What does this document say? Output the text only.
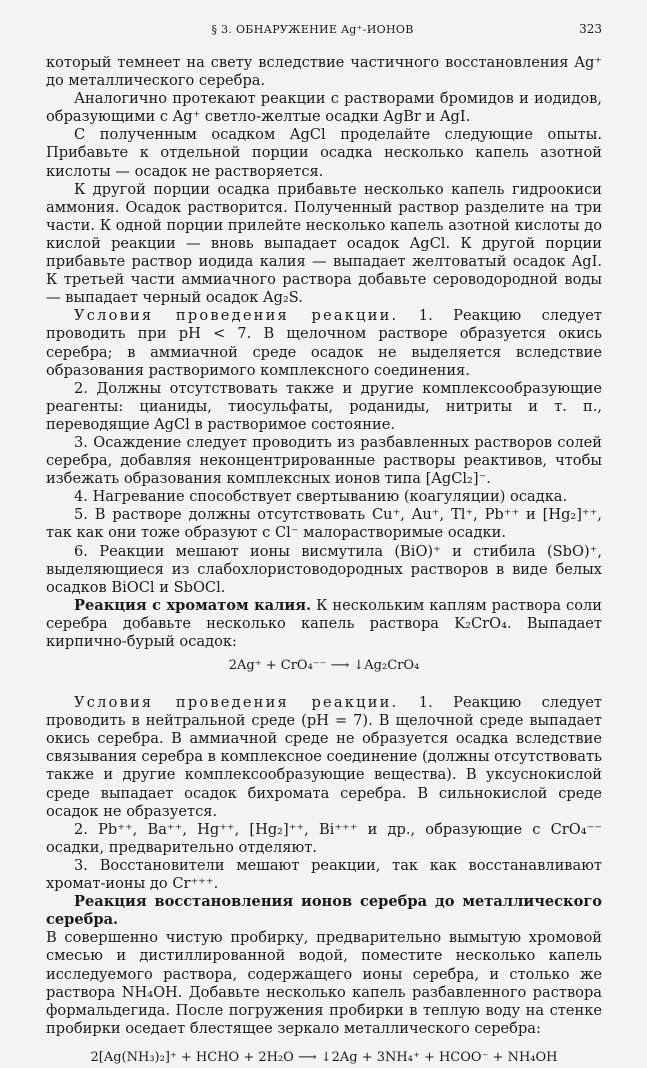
§ 3. ОБНАРУЖЕНИЕ Ag⁺-ИОНОВ	323

который темнеет на свету вследствие частичного восстановления Ag⁺ до металлического серебра.

Аналогично протекают реакции с растворами бромидов и иодидов, образующими с Ag⁺ светло-желтые осадки AgBr и AgI.

С полученным осадком AgCl проделайте следующие опыты. Прибавьте к отдельной порции осадка несколько капель азотной кислоты — осадок не растворяется.

К другой порции осадка прибавьте несколько капель гидроокиси аммония. Осадок растворится. Полученный раствор разделите на три части. К одной порции прилейте несколько капель азотной кислоты до кислой реакции — вновь выпадает осадок AgCl. К другой порции прибавьте раствор иодида калия — выпадает желтоватый осадок AgI. К третьей части аммиачного раствора добавьте сероводородной воды — выпадает черный осадок Ag₂S.

Условия проведения реакции. 1. Реакцию следует проводить при pH < 7. В щелочном растворе образуется окись серебра; в аммиачной среде осадок не выделяется вследствие образования растворимого комплексного соединения.

2. Должны отсутствовать также и другие комплексообразующие реагенты: цианиды, тиосульфаты, роданиды, нитриты и т. п., переводящие AgCl в растворимое состояние.

3. Осаждение следует проводить из разбавленных растворов солей серебра, добавляя неконцентрированные растворы реактивов, чтобы избежать образования комплексных ионов типа [AgCl₂]⁻.

4. Нагревание способствует свертыванию (коагуляции) осадка.

5. В растворе должны отсутствовать Cu⁺, Au⁺, Tl⁺, Pb⁺⁺ и [Hg₂]⁺⁺, так как они тоже образуют с Cl⁻ малорастворимые осадки.

6. Реакции мешают ионы висмутила (BiO)⁺ и стибила (SbO)⁺, выделяющиеся из слабохлористоводородных растворов в виде белых осадков BiOCl и SbOCl.

Реакция с хроматом калия. К нескольким каплям раствора соли серебра добавьте несколько капель раствора K₂CrO₄. Выпадает кирпично-бурый осадок:

2Ag⁺ + CrO₄⁻⁻ ⟶ ↓Ag₂CrO₄

Условия проведения реакции. 1. Реакцию следует проводить в нейтральной среде (pH = 7). В щелочной среде выпадает окись серебра. В аммиачной среде не образуется осадка вследствие связывания серебра в комплексное соединение (должны отсутствовать также и другие комплексообразующие вещества). В уксуснокислой среде выпадает осадок бихромата серебра. В сильнокислой среде осадок не образуется.

2. Pb⁺⁺, Ba⁺⁺, Hg⁺⁺, [Hg₂]⁺⁺, Bi⁺⁺⁺ и др., образующие с CrO₄⁻⁻ осадки, предварительно отделяют.

3. Восстановители мешают реакции, так как восстанавливают хромат-ионы до Cr⁺⁺⁺.

Реакция восстановления ионов серебра до металлического серебра.

В совершенно чистую пробирку, предварительно вымытую хромовой смесью и дистиллированной водой, поместите несколько капель исследуемого раствора, содержащего ионы серебра, и столько же раствора NH₄OH. Добавьте несколько капель разбавленного раствора формальдегида. После погружения пробирки в теплую воду на стенке пробирки оседает блестящее зеркало металлического серебра:

2[Ag(NH₃)₂]⁺ + HCHO + 2H₂O ⟶ ↓2Ag + 3NH₄⁺ + HCOO⁻ + NH₄OH
